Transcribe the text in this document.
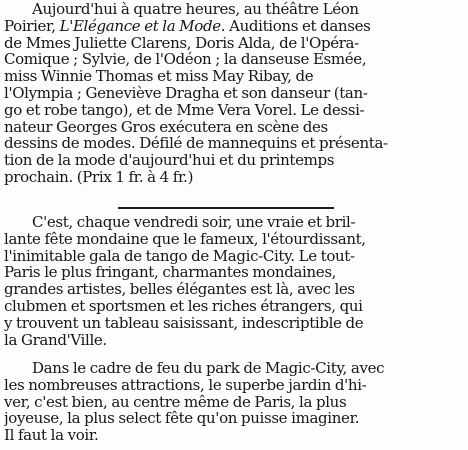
Aujourd'hui à quatre heures, au théâtre Léon
Poirier, L'Elégance et la Mode. Auditions et danses
de Mmes Juliette Clarens, Doris Alda, de l'Opéra-
Comique ; Sylvie, de l'Odéon ; la danseuse Esmée,
miss Winnie Thomas et miss May Ribay, de
l'Olympia ; Geneviève Dragha et son danseur (tan-
go et robe tango), et de Mme Vera Vorel. Le dessi-
nateur Georges Gros exécutera en scène des
dessins de modes. Défilé de mannequins et présenta-
tion de la mode d'aujourd'hui et du printemps
prochain. (Prix 1 fr. à 4 fr.)
C'est, chaque vendredi soir, une vraie et bril-
lante fête mondaine que le fameux, l'étourdissant,
l'inimitable gala de tango de Magic-City. Le tout-
Paris le plus fringant, charmantes mondaines,
grandes artistes, belles élégantes est là, avec les
clubmen et sportsmen et les riches étrangers, qui
y trouvent un tableau saisissant, indescriptible de
la Grand'Ville.
Dans le cadre de feu du park de Magic-City, avec
les nombreuses attractions, le superbe jardin d'hi-
ver, c'est bien, au centre même de Paris, la plus
joyeuse, la plus select fête qu'on puisse imaginer.
Il faut la voir.
